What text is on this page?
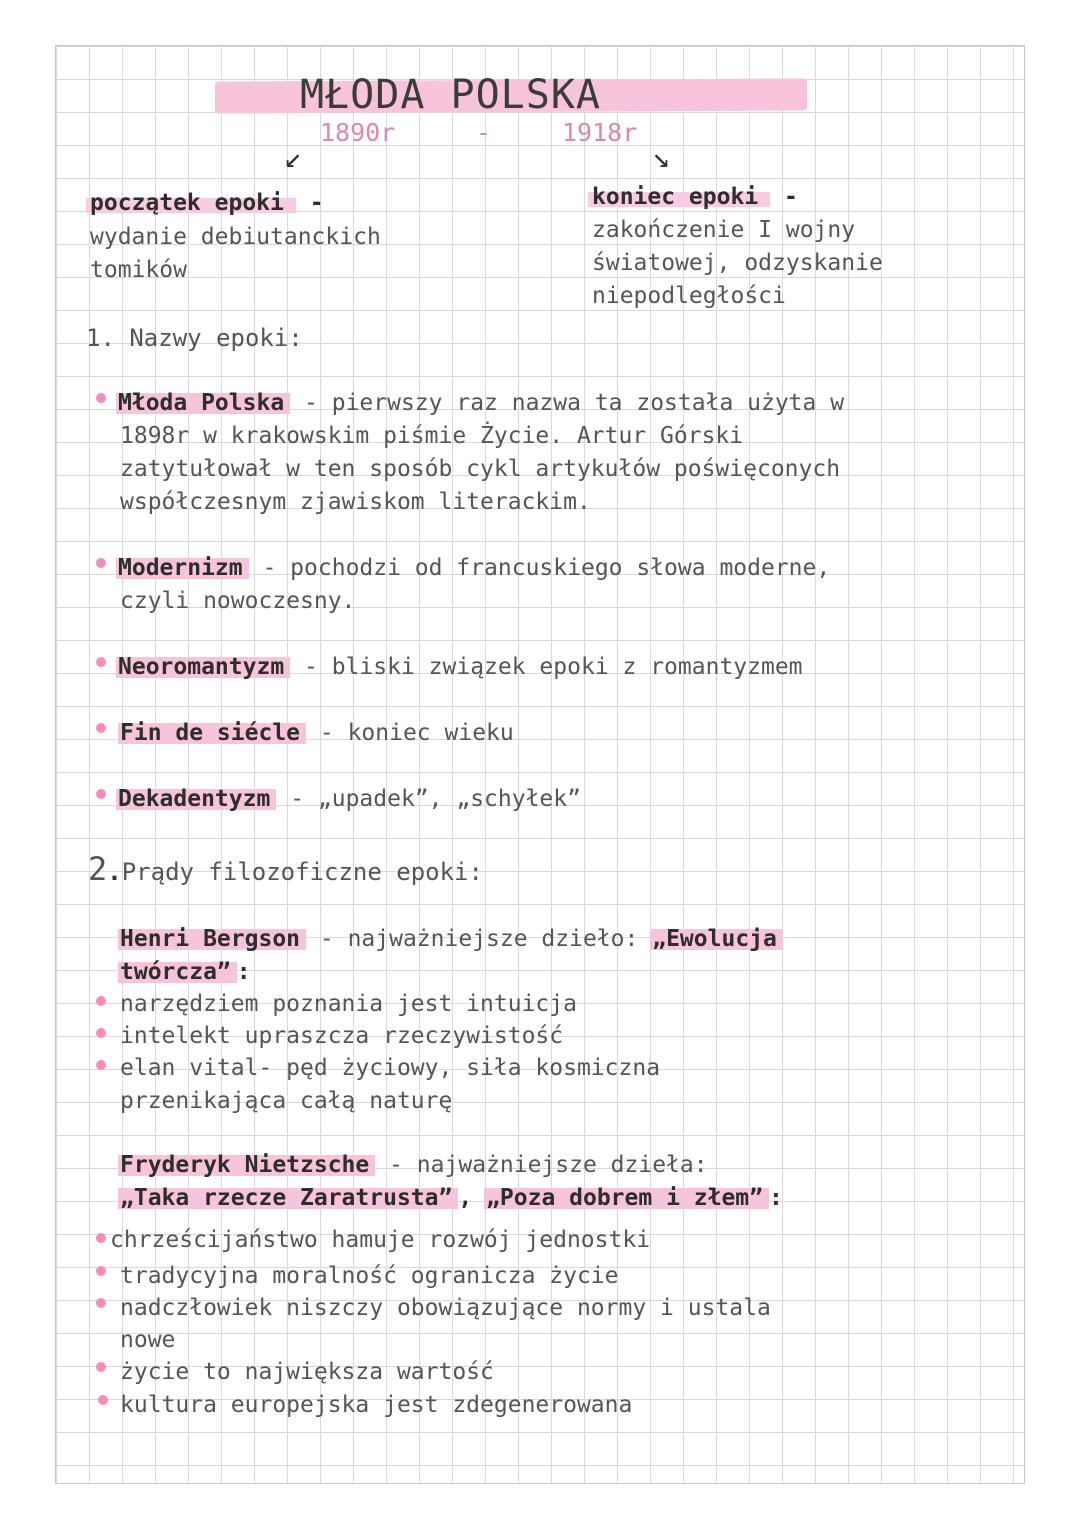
MŁODA POLSKA
1890r	-	1918r
↙	↘
początek epoki -
wydanie debiutanckich
tomików
koniec epoki -
zakończenie I wojny
światowej, odzyskanie
niepodległości
1. Nazwy epoki:
Młoda Polska - pierwszy raz nazwa ta została użyta w
1898r w krakowskim piśmie Życie. Artur Górski
zatytułował w ten sposób cykl artykułów poświęconych
współczesnym zjawiskom literackim.
Modernizm - pochodzi od francuskiego słowa moderne,
czyli nowoczesny.
Neoromantyzm - bliski związek epoki z romantyzmem
Fin de siécle - koniec wieku
Dekadentyzm - „upadek”, „schyłek”
2.Prądy filozoficzne epoki:
Henri Bergson - najważniejsze dzieło: „Ewolucja
twórcza” :
narzędziem poznania jest intuicja
intelekt upraszcza rzeczywistość
elan vital- pęd życiowy, siła kosmiczna
przenikająca całą naturę
Fryderyk Nietzsche - najważniejsze dzieła:
„Taka rzecze Zaratrusta” , „Poza dobrem i złem” :
chrześcijaństwo hamuje rozwój jednostki
tradycyjna moralność ogranicza życie
nadczłowiek niszczy obowiązujące normy i ustala
nowe
życie to największa wartość
kultura europejska jest zdegenerowana
